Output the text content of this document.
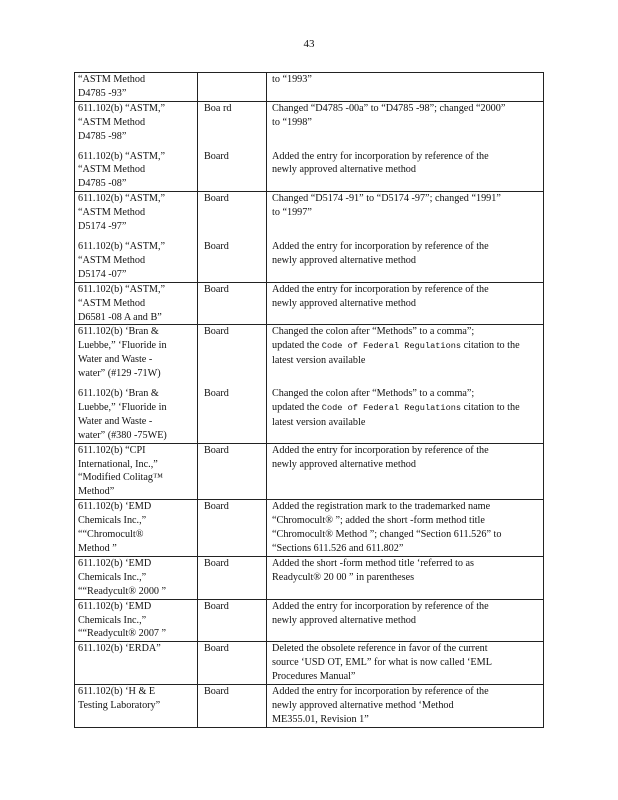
43
“ASTM Method
D4785 -93”		to “1993”
611.102(b) “ASTM,”
“ASTM Method
D4785 -98”	Boa rd	Changed “D4785 -00a” to “D4785 -98”; changed “2000”
to “1998”
611.102(b) “ASTM,”
“ASTM Method
D4785 -08”	Board	Added the entry for incorporation by reference of the
newly approved alternative method
611.102(b) “ASTM,”
“ASTM Method
D5174 -97”	Board	Changed “D5174 -91” to “D5174 -97”; changed “1991”
to “1997”
611.102(b) “ASTM,”
“ASTM Method
D5174 -07”	Board	Added the entry for incorporation by reference of the
newly approved alternative method
611.102(b) “ASTM,”
“ASTM Method
D6581 -08 A and B”	Board	Added the entry for incorporation by reference of the
newly approved alternative method
611.102(b) ‘Bran &
Luebbe,” ‘Fluoride in
Water and Waste -
water” (#129 -71W)	Board	Changed the colon after “Methods” to a comma”;
updated the Code of Federal Regulations citation to the
latest version available
611.102(b) ‘Bran &
Luebbe,” ‘Fluoride in
Water and Waste -
water” (#380 -75WE)	Board	Changed the colon after “Methods” to a comma”;
updated the Code of Federal Regulations citation to the
latest version available
611.102(b) “CPI
International, Inc.,”
“Modified Colitag™
Method”	Board	Added the entry for incorporation by reference of the
newly approved alternative method
611.102(b) ‘EMD
Chemicals Inc.,”
““Chromocult®
Method ”	Board	Added the registration mark to the trademarked name
“Chromocult® ”; added the short -form method title
“Chromocult® Method ”; changed “Section 611.526” to
“Sections 611.526 and 611.802”
611.102(b) ‘EMD
Chemicals Inc.,”
““Readycult® 2000 ”	Board	Added the short -form method title ‘referred to as
Readycult® 20 00 ” in parentheses
611.102(b) ‘EMD
Chemicals Inc.,”
““Readycult® 2007 ”	Board	Added the entry for incorporation by reference of the
newly approved alternative method
611.102(b) ‘ERDA”	Board	Deleted the obsolete reference in favor of the current
source ‘USD OT, EML” for what is now called ‘EML
Procedures Manual”
611.102(b) ‘H & E
Testing Laboratory”	Board	Added the entry for incorporation by reference of the
newly approved alternative method ‘Method
ME355.01, Revision 1”
